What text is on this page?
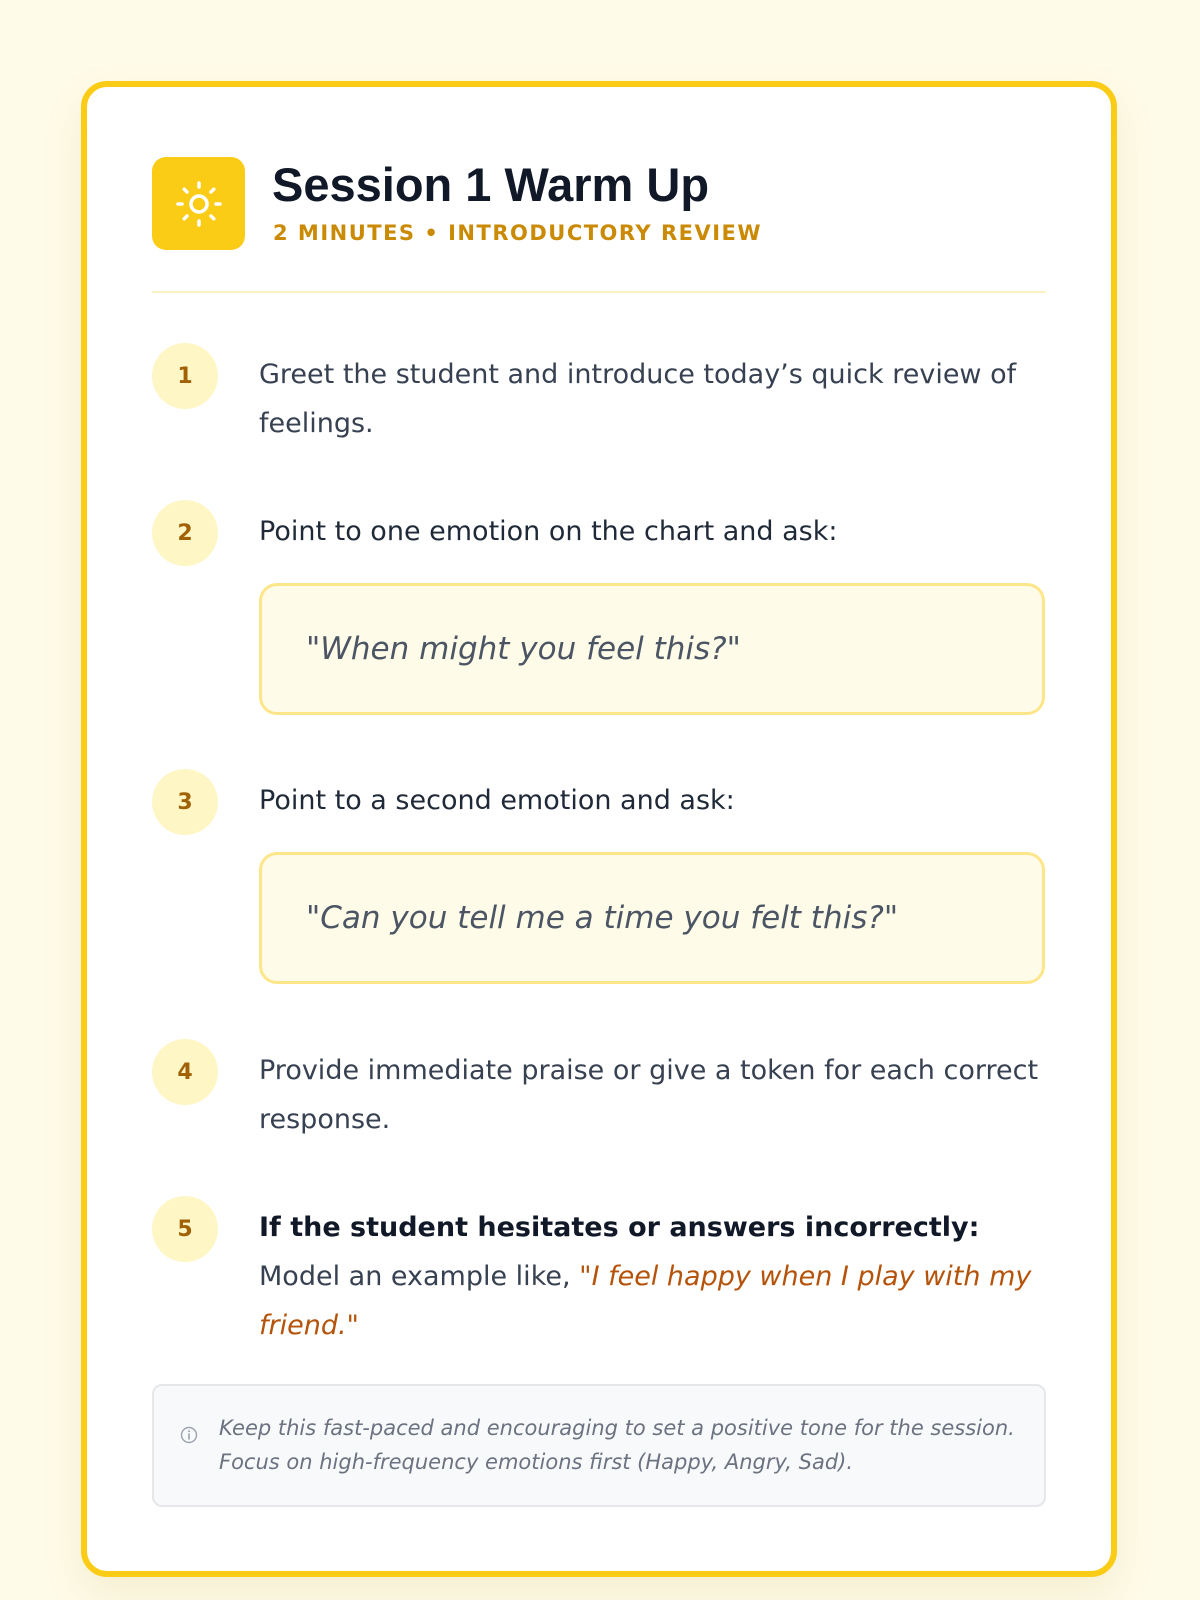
Session 1 Warm Up
2 MINUTES • INTRODUCTORY REVIEW
1	Greet the student and introduce today’s quick review of feelings.
2	Point to one emotion on the chart and ask:
"When might you feel this?"
3	Point to a second emotion and ask:
"Can you tell me a time you felt this?"
4	Provide immediate praise or give a token for each correct response.
5	If the student hesitates or answers incorrectly: Model an example like, "I feel happy when I play with my friend."
Keep this fast-paced and encouraging to set a positive tone for the session. Focus on high-frequency emotions first (Happy, Angry, Sad).
